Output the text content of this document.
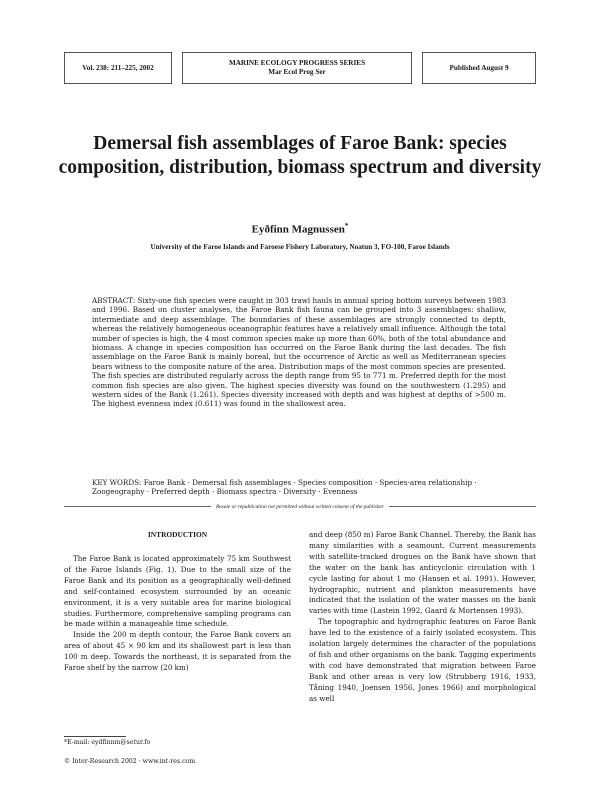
Vol. 238: 211–225, 2002
MARINE ECOLOGY PROGRESS SERIES
Mar Ecol Prog Ser
Published August 9
Demersal fish assemblages of Faroe Bank: species composition, distribution, biomass spectrum and diversity
Eyðfinn Magnussen*
University of the Faroe Islands and Faroese Fishery Laboratory, Noatun 3, FO-100, Faroe Islands

ABSTRACT: Sixty-one fish species were caught in 303 trawl hauls in annual spring bottom surveys between 1983 and 1996. Based on cluster analyses, the Faroe Bank fish fauna can be grouped into 3 assemblages: shallow, intermediate and deep assemblage. The boundaries of these assemblages are strongly connected to depth, whereas the relatively homogeneous oceanographic features have a relatively small influence. Although the total number of species is high, the 4 most common species make up more than 60%, both of the total abundance and biomass. A change in species composition has occurred on the Faroe Bank during the last decades. The fish assemblage on the Faroe Bank is mainly boreal, but the occurrence of Arctic as well as Mediterranean species bears witness to the composite nature of the area. Distribution maps of the most common species are presented. The fish species are distributed regularly across the depth range from 95 to 771 m. Preferred depth for the most common fish species are also given. The highest species diversity was found on the southwestern (1.295) and western sides of the Bank (1.261). Species diversity increased with depth and was highest at depths of >500 m. The highest evenness index (0.611) was found in the shallowest area.

KEY WORDS: Faroe Bank · Demersal fish assemblages · Species composition · Species-area relationship · Zoogeography · Preferred depth · Biomass spectra · Diversity · Evenness

Resale or republication not permitted without written consent of the publisher
INTRODUCTION

The Faroe Bank is located approximately 75 km Southwest of the Faroe Islands (Fig. 1). Due to the small size of the Faroe Bank and its position as a geographically well-defined and self-contained ecosystem surrounded by an oceanic environment, it is a very suitable area for marine biological studies. Furthermore, comprehensive sampling programs can be made within a manageable time schedule.

Inside the 200 m depth contour, the Faroe Bank covers an area of about 45 × 90 km and its shallowest part is less than 100 m deep. Towards the northeast, it is separated from the Faroe shelf by the narrow (20 km)

and deep (850 m) Faroe Bank Channel. Thereby, the Bank has many similarities with a seamount. Current measurements with satellite-tracked drogues on the Bank have shown that the water on the bank has anticyclonic circulation with 1 cycle lasting for about 1 mo (Hansen et al. 1991). However, hydrographic, nutrient and plankton measurements have indicated that the isolation of the water masses on the bank varies with time (Lastein 1992, Gaard & Mortensen 1993).

The topographic and hydrographic features on Faroe Bank have led to the existence of a fairly isolated ecosystem. This isolation largely determines the character of the populations of fish and other organisms on the bank. Tagging experiments with cod have demonstrated that migration between Faroe Bank and other areas is very low (Strubberg 1916, 1933, Tåning 1940, Joensen 1956, Jones 1966) and morphological as well

*E-mail: eydfinnm@setur.fo
© Inter-Research 2002 · www.int-res.com
